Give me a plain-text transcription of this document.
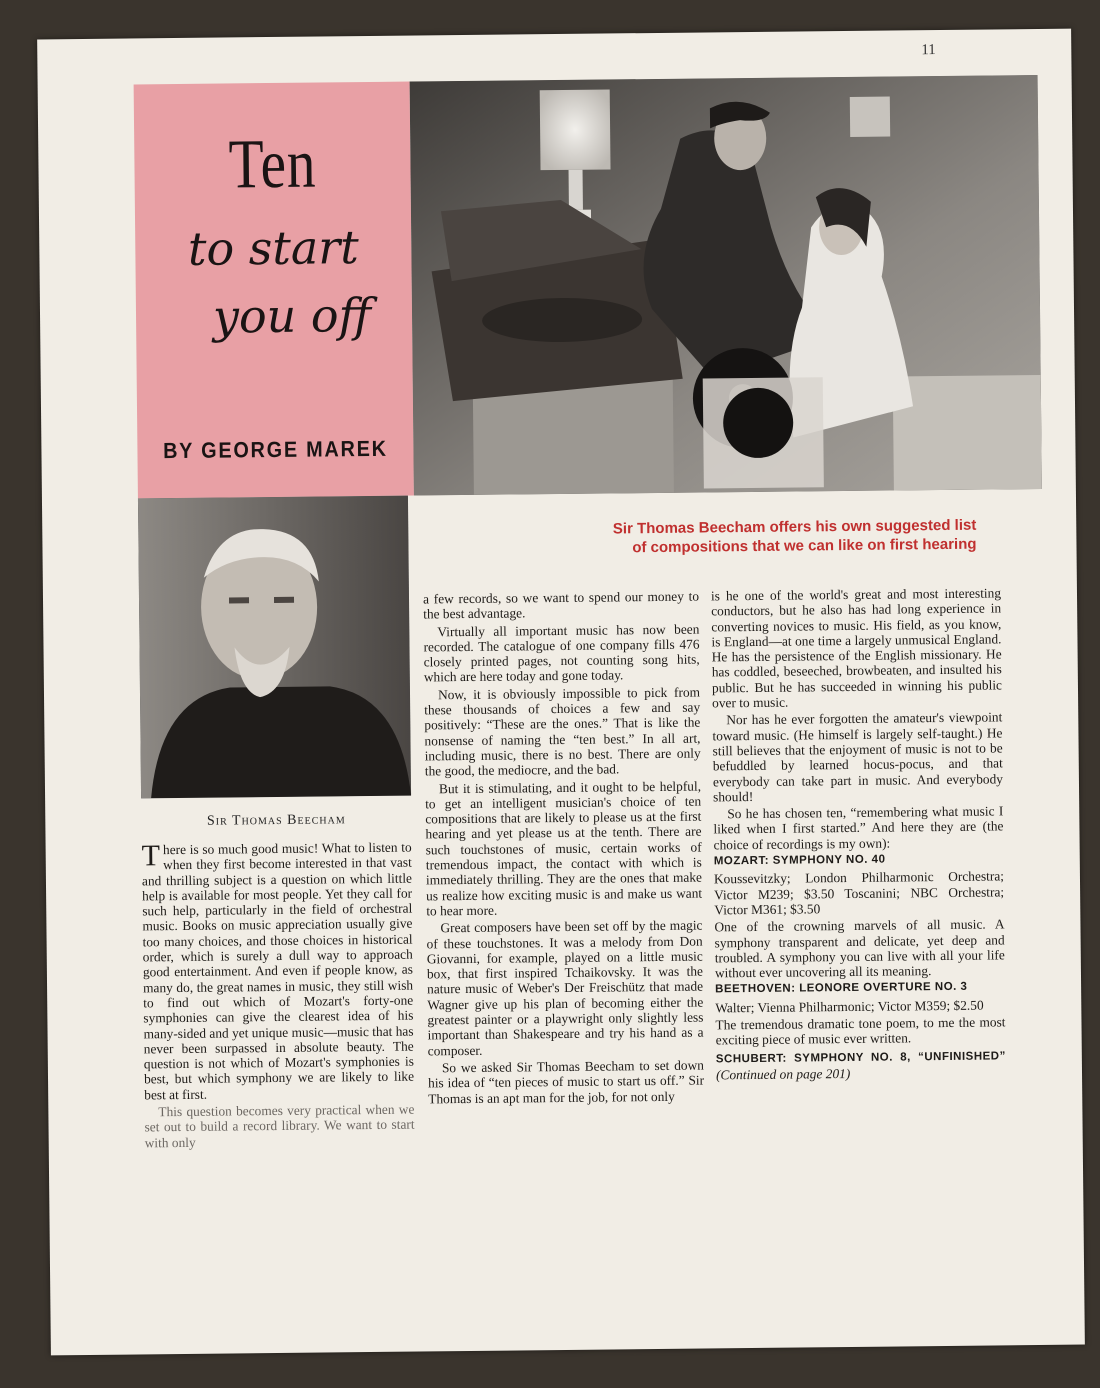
11
Ten
to start
you off
BY GEORGE MAREK
Sir Thomas Beecham
Sir Thomas Beecham offers his own suggested list
of compositions that we can like on first hearing

There is so much good music! What to listen to when they first become interested in that vast and thrilling subject is a question on which little help is available for most people. Yet they call for such help, particularly in the field of orchestral music. Books on music appreciation usually give too many choices, and those choices in historical order, which is surely a dull way to approach good entertainment. And even if people know, as many do, the great names in music, they still wish to find out which of Mozart's forty-one symphonies can give the clearest idea of his many-sided and yet unique music—music that has never been surpassed in absolute beauty. The question is not which of Mozart's symphonies is best, but which symphony we are likely to like best at first.

This question becomes very practical when we set out to build a record library. We want to start with only

a few records, so we want to spend our money to the best advantage.

Virtually all important music has now been recorded. The catalogue of one company fills 476 closely printed pages, not counting song hits, which are here today and gone today.

Now, it is obviously impossible to pick from these thousands of choices a few and say positively: “These are the ones.” That is like the nonsense of naming the “ten best.” In all art, including music, there is no best. There are only the good, the mediocre, and the bad.

But it is stimulating, and it ought to be helpful, to get an intelligent musician's choice of ten compositions that are likely to please us at the first hearing and yet please us at the tenth. There are such touchstones of music, certain works of tremendous impact, the contact with which is immediately thrilling. They are the ones that make us realize how exciting music is and make us want to hear more.

Great composers have been set off by the magic of these touchstones. It was a melody from Don Giovanni, for example, played on a little music box, that first inspired Tchaikovsky. It was the nature music of Weber's Der Freischütz that made Wagner give up his plan of becoming either the greatest painter or a playwright only slightly less important than Shakespeare and try his hand as a composer.

So we asked Sir Thomas Beecham to set down his idea of “ten pieces of music to start us off.” Sir Thomas is an apt man for the job, for not only

is he one of the world's great and most interesting conductors, but he also has had long experience in converting novices to music. His field, as you know, is England—at one time a largely unmusical England. He has the persistence of the English missionary. He has coddled, beseeched, browbeaten, and insulted his public. But he has succeeded in winning his public over to music.

Nor has he ever forgotten the amateur's viewpoint toward music. (He himself is largely self-taught.) He still believes that the enjoyment of music is not to be befuddled by learned hocus-pocus, and that everybody can take part in music. And everybody should!

So he has chosen ten, “remembering what music I liked when I first started.” And here they are (the choice of recordings is my own):

MOZART: SYMPHONY NO. 40

Koussevitzky; London Philharmonic Orchestra; Victor M239; $3.50 Toscanini; NBC Orchestra; Victor M361; $3.50

One of the crowning marvels of all music. A symphony transparent and delicate, yet deep and troubled. A symphony you can live with all your life without ever uncovering all its meaning.

BEETHOVEN: LEONORE OVERTURE NO. 3

Walter; Vienna Philharmonic; Victor M359; $2.50

The tremendous dramatic tone poem, to me the most exciting piece of music ever written.

SCHUBERT: SYMPHONY NO. 8, “UNFINISHED” (Continued on page 201)
